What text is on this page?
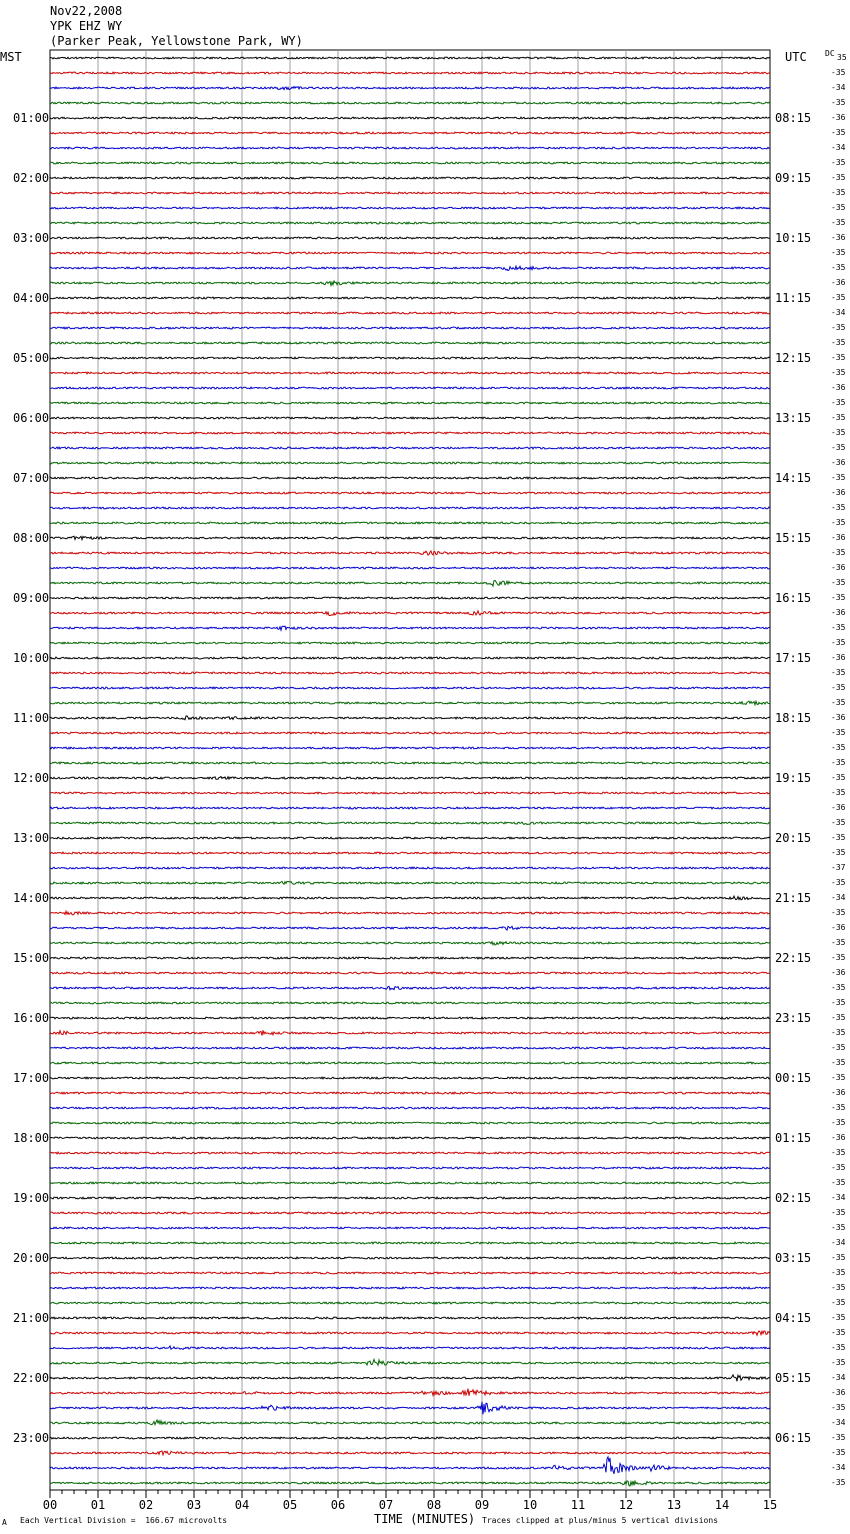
Nov22,2008
YPK EHZ WY
(Parker Peak, Yellowstone Park, WY)
MST	UTC DC
00	01	02	03	04	05	06	07	08	09	10	11	12	13	14	15
TIME (MINUTES)
A Each Vertical Division =  166.67 microvolts	Traces clipped at plus/minus 5 vertical divisions
01:00	08:15
02:00	09:15
03:00	10:15
04:00	11:15
05:00	12:15
06:00	13:15
07:00	14:15
08:00	15:15
09:00	16:15
10:00	17:15
11:00	18:15
12:00	19:15
13:00	20:15
14:00	21:15
15:00	22:15
16:00	23:15
17:00	00:15
18:00	01:15
19:00	02:15
20:00	03:15
21:00	04:15
22:00	05:15
23:00	06:15
35
-35
-34
-35
-36
-35
-34
-35
-35
-35
-35
-35
-36
-35
-35
-36
-35
-34
-35
-35
-35
-35
-36
-35
-35
-35
-35
-36
-35
-36
-35
-35
-36
-35
-36
-35
-35
-36
-35
-35
-36
-35
-35
-35
-36
-35
-35
-35
-35
-35
-36
-35
-35
-35
-37
-35
-34
-35
-36
-35
-35
-36
-35
-35
-35
-35
-35
-35
-35
-36
-35
-35
-36
-35
-35
-35
-34
-35
-35
-34
-35
-35
-35
-35
-35
-35
-35
-35
-34
-36
-35
-34
-35
-35
-34
-35
